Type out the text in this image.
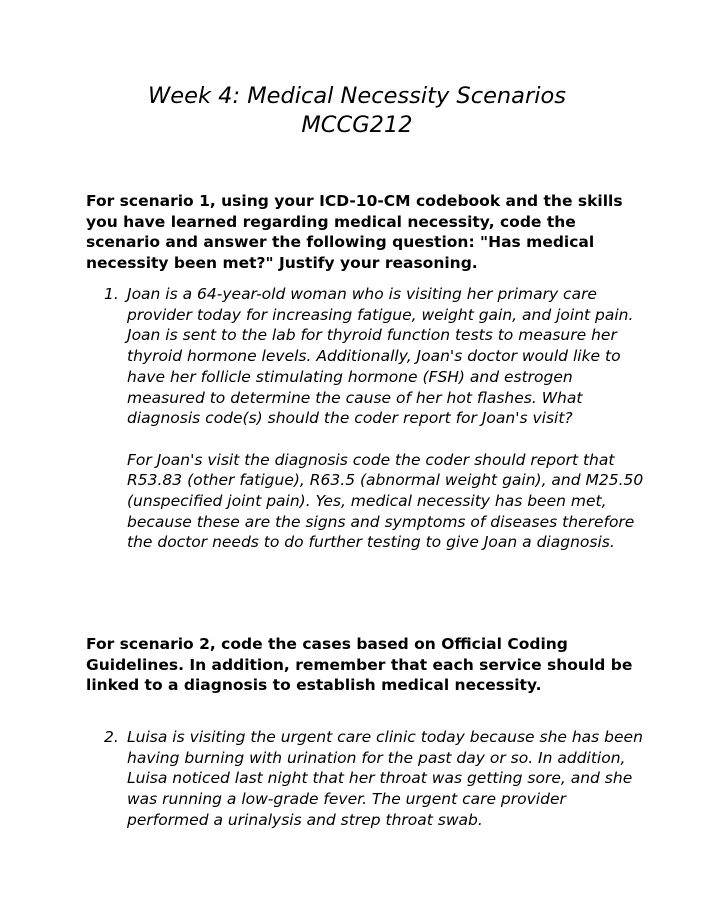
Week 4: Medical Necessity Scenarios
MCCG212
For scenario 1, using your ICD-10-CM codebook and the skills you have learned regarding medical necessity, code the scenario and answer the following question: "Has medical necessity been met?" Justify your reasoning.
1. Joan is a 64-year-old woman who is visiting her primary care provider today for increasing fatigue, weight gain, and joint pain. Joan is sent to the lab for thyroid function tests to measure her thyroid hormone levels. Additionally, Joan's doctor would like to have her follicle stimulating hormone (FSH) and estrogen measured to determine the cause of her hot flashes. What diagnosis code(s) should the coder report for Joan's visit?
For Joan's visit the diagnosis code the coder should report that R53.83 (other fatigue), R63.5 (abnormal weight gain), and M25.50 (unspecified joint pain). Yes, medical necessity has been met, because these are the signs and symptoms of diseases therefore the doctor needs to do further testing to give Joan a diagnosis.
For scenario 2, code the cases based on Official Coding Guidelines. In addition, remember that each service should be linked to a diagnosis to establish medical necessity.
2. Luisa is visiting the urgent care clinic today because she has been having burning with urination for the past day or so. In addition, Luisa noticed last night that her throat was getting sore, and she was running a low-grade fever. The urgent care provider performed a urinalysis and strep throat swab.
